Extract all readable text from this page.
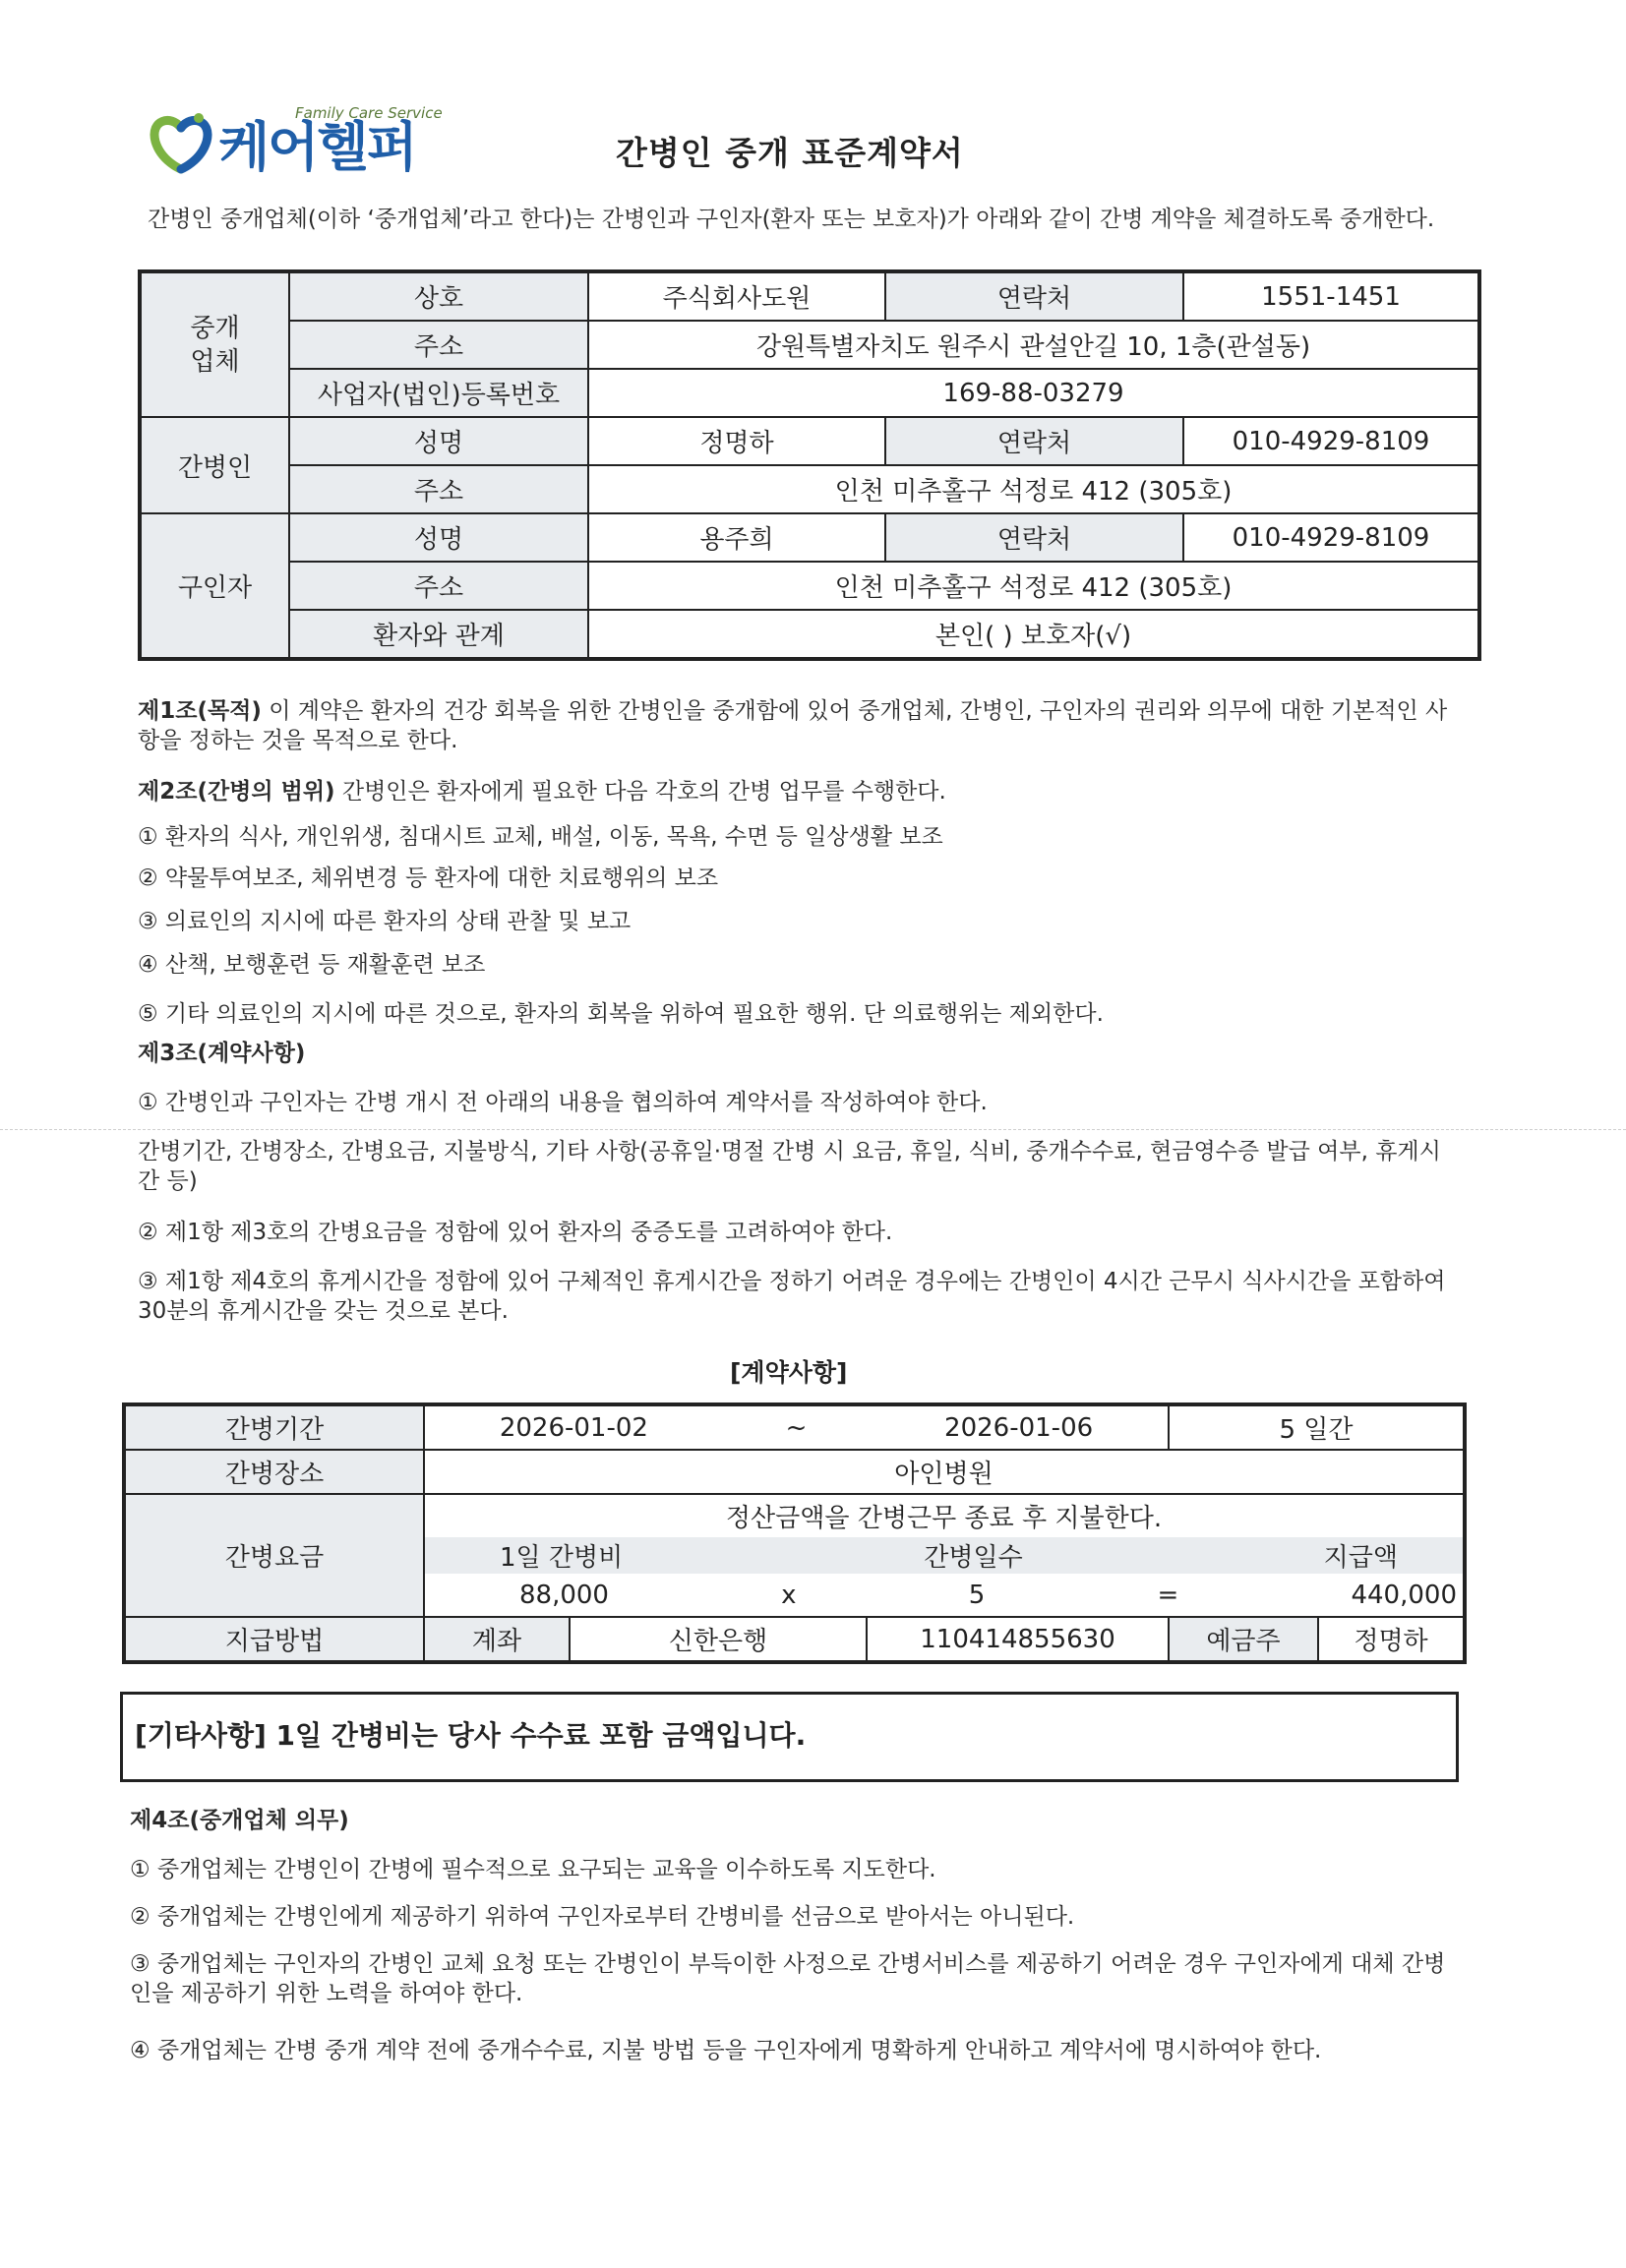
Family Care Service
케어헬퍼	간병인 중개 표준계약서
간병인 중개업체(이하 ‘중개업체’라고 한다)는 간병인과 구인자(환자 또는 보호자)가 아래와 같이 간병 계약을 체결하도록 중개한다.
중개
업체	상호	주식회사도원	연락처	1551-1451
	주소	강원특별자치도 원주시 관설안길 10, 1층(관설동)		
	사업자(법인)등록번호	169-88-03279		
간병인	성명	정명하	연락처	010-4929-8109
	주소	인천 미추홀구 석정로 412 (305호)		
구인자	성명	용주희	연락처	010-4929-8109
	주소	인천 미추홀구 석정로 412 (305호)		
	환자와 관계	본인( ) 보호자(√)		
제1조(목적) 이 계약은 환자의 건강 회복을 위한 간병인을 중개함에 있어 중개업체, 간병인, 구인자의 권리와 의무에 대한 기본적인 사항을 정하는 것을 목적으로 한다.
제2조(간병의 범위) 간병인은 환자에게 필요한 다음 각호의 간병 업무를 수행한다.
① 환자의 식사, 개인위생, 침대시트 교체, 배설, 이동, 목욕, 수면 등 일상생활 보조
② 약물투여보조, 체위변경 등 환자에 대한 치료행위의 보조
③ 의료인의 지시에 따른 환자의 상태 관찰 및 보고
④ 산책, 보행훈련 등 재활훈련 보조
⑤ 기타 의료인의 지시에 따른 것으로, 환자의 회복을 위하여 필요한 행위. 단 의료행위는 제외한다.
제3조(계약사항)
① 간병인과 구인자는 간병 개시 전 아래의 내용을 협의하여 계약서를 작성하여야 한다.
간병기간, 간병장소, 간병요금, 지불방식, 기타 사항(공휴일·명절 간병 시 요금, 휴일, 식비, 중개수수료, 현금영수증 발급 여부, 휴게시간 등)
② 제1항 제3호의 간병요금을 정함에 있어 환자의 중증도를 고려하여야 한다.
③ 제1항 제4호의 휴게시간을 정함에 있어 구체적인 휴게시간을 정하기 어려운 경우에는 간병인이 4시간 근무시 식사시간을 포함하여 30분의 휴게시간을 갖는 것으로 본다.
[계약사항]
간병기간	2026-01-02 ~ 2026-01-06			5 일간	
간병장소	아인병원				
간병요금	정산금액을 간병근무 종료 후 지불한다.				

	1일 간병비 간병일수 지급액				

	88,000 x 5 = 440,000				

지급방법	계좌	신한은행	110414855630	예금주	정명하
[기타사항] 1일 간병비는 당사 수수료 포함 금액입니다.
제4조(중개업체 의무)
① 중개업체는 간병인이 간병에 필수적으로 요구되는 교육을 이수하도록 지도한다.
② 중개업체는 간병인에게 제공하기 위하여 구인자로부터 간병비를 선금으로 받아서는 아니된다.
③ 중개업체는 구인자의 간병인 교체 요청 또는 간병인이 부득이한 사정으로 간병서비스를 제공하기 어려운 경우 구인자에게 대체 간병인을 제공하기 위한 노력을 하여야 한다.
④ 중개업체는 간병 중개 계약 전에 중개수수료, 지불 방법 등을 구인자에게 명확하게 안내하고 계약서에 명시하여야 한다.
